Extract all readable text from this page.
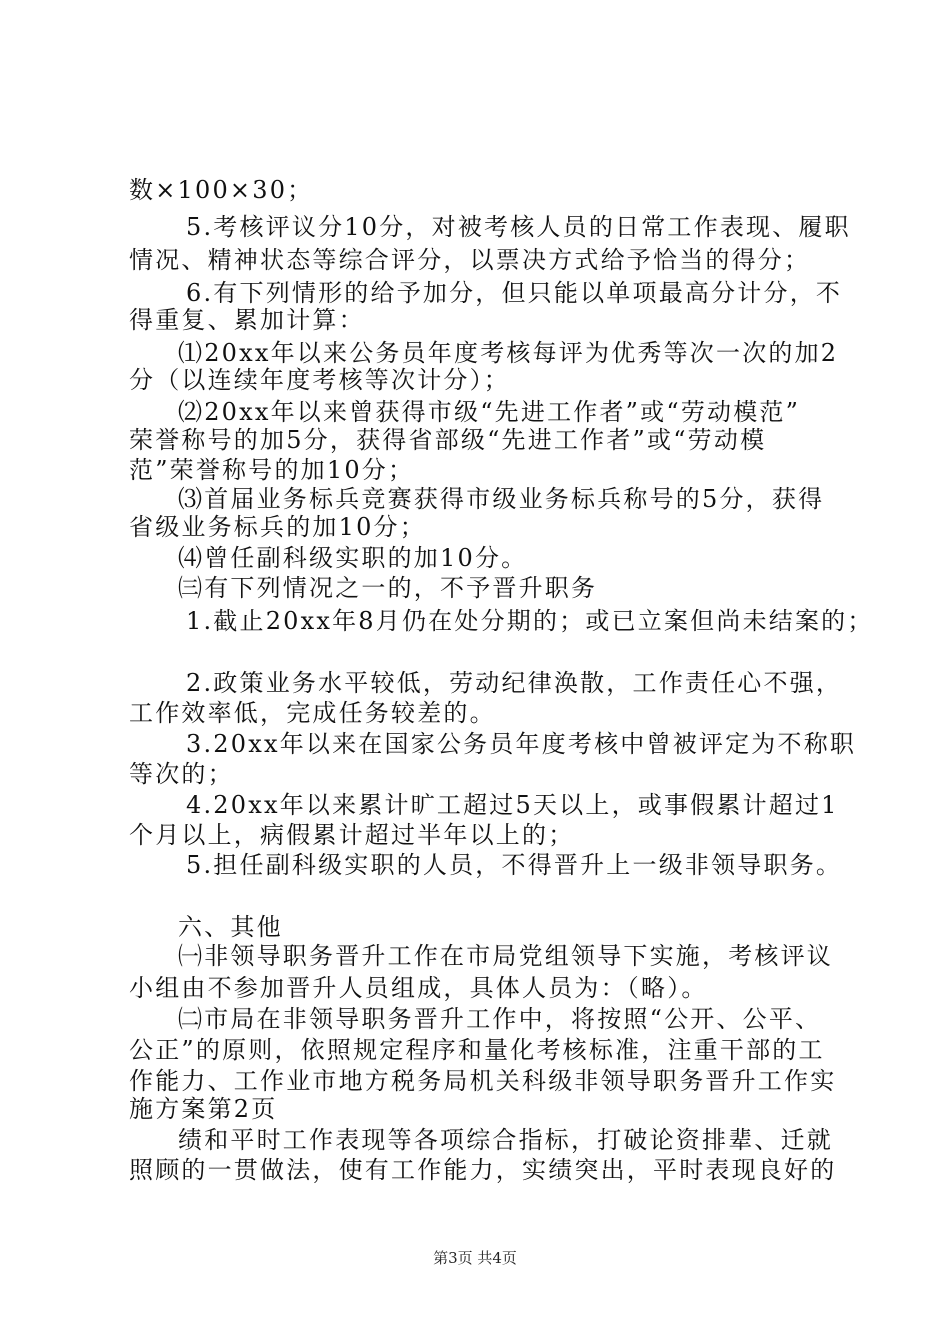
数×100×30；
5.考核评议分10分，对被考核人员的日常工作表现、履职
情况、精神状态等综合评分，以票决方式给予恰当的得分；
6.有下列情形的给予加分，但只能以单项最高分计分，不
得重复、累加计算：
⑴20xx年以来公务员年度考核每评为优秀等次一次的加2
分（以连续年度考核等次计分）；
⑵20xx年以来曾获得市级“先进工作者”或“劳动模范”
荣誉称号的加5分，获得省部级“先进工作者”或“劳动模
范”荣誉称号的加10分；
⑶首届业务标兵竞赛获得市级业务标兵称号的5分，获得
省级业务标兵的加10分；
⑷曾任副科级实职的加10分。
㈢有下列情况之一的，不予晋升职务
1.截止20xx年8月仍在处分期的；或已立案但尚未结案的；
2.政策业务水平较低，劳动纪律涣散，工作责任心不强，
工作效率低，完成任务较差的。
3.20xx年以来在国家公务员年度考核中曾被评定为不称职
等次的；
4.20xx年以来累计旷工超过5天以上，或事假累计超过1
个月以上，病假累计超过半年以上的；
5.担任副科级实职的人员，不得晋升上一级非领导职务。
六、其他
㈠非领导职务晋升工作在市局党组领导下实施，考核评议
小组由不参加晋升人员组成，具体人员为：（略）。
㈡市局在非领导职务晋升工作中，将按照“公开、公平、
公正”的原则，依照规定程序和量化考核标准，注重干部的工
作能力、工作业市地方税务局机关科级非领导职务晋升工作实
施方案第2页
绩和平时工作表现等各项综合指标，打破论资排辈、迁就
照顾的一贯做法，使有工作能力，实绩突出，平时表现良好的
第3页 共4页
